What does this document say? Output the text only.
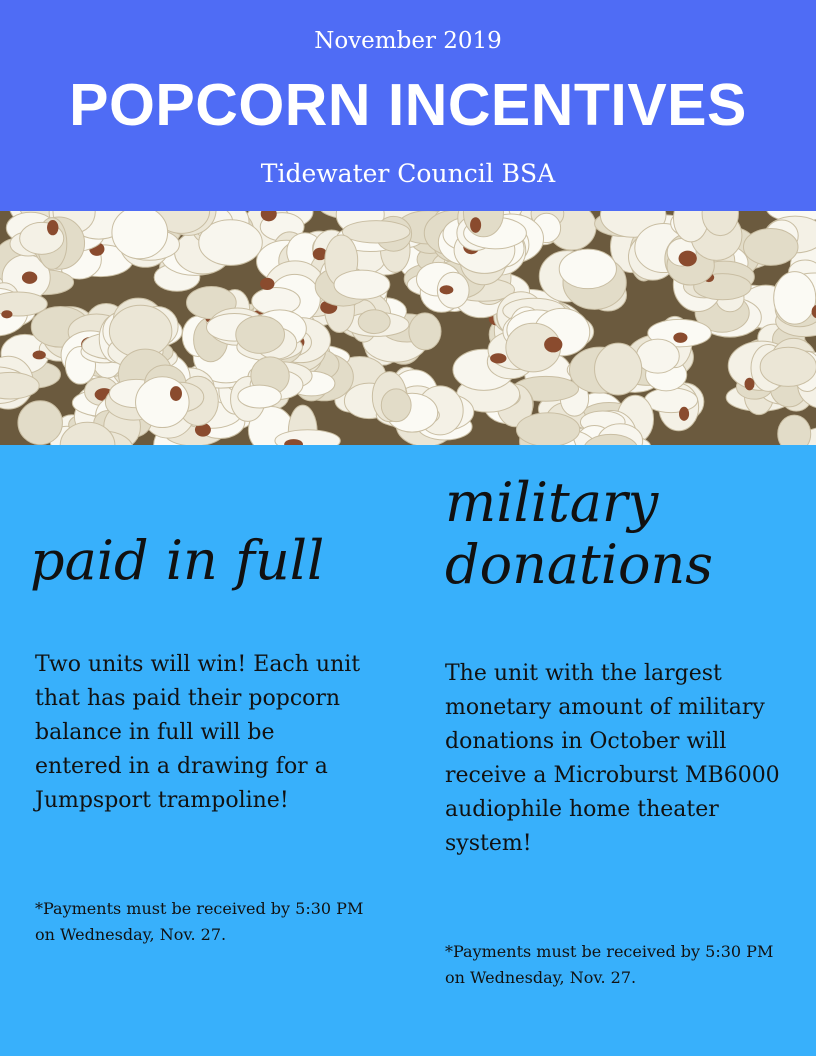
November 2019
POPCORN INCENTIVES
Tidewater Council BSA
paid in full
Two units will win! Each unit that has paid their popcorn balance in full will be entered in a drawing for a Jumpsport trampoline!
*Payments must be received by 5:30 PM on Wednesday, Nov. 27.
military
donations
The unit with the largest monetary amount of military donations in October will receive a Microburst MB6000 audiophile home theater system!
*Payments must be received by 5:30 PM on Wednesday, Nov. 27.
